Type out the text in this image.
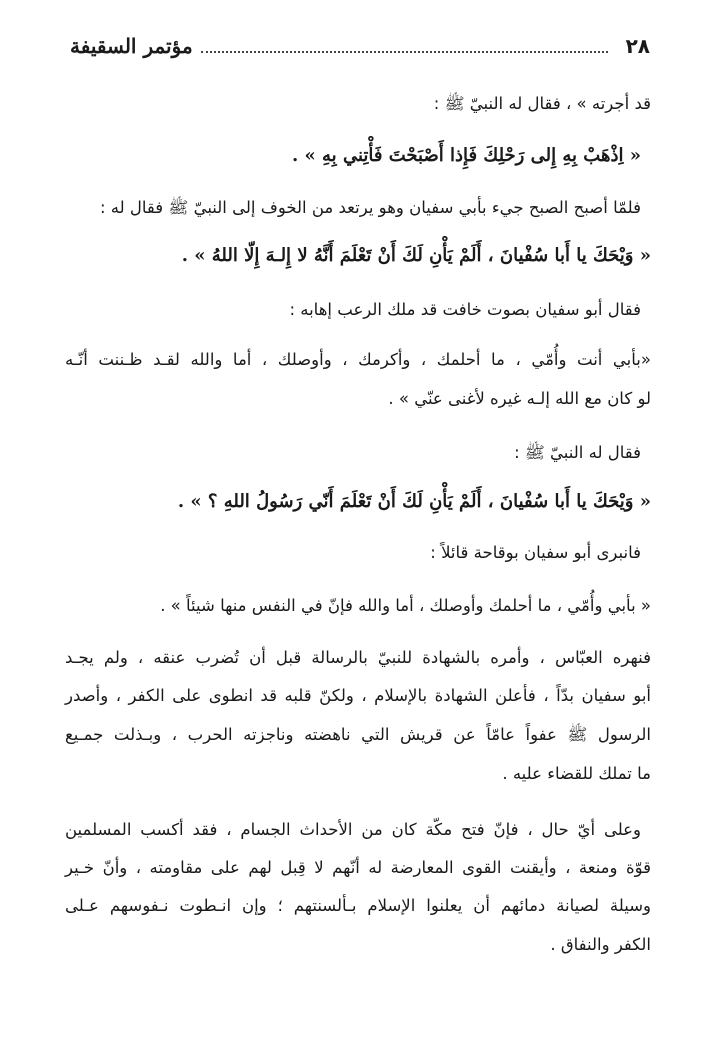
٢٨
مؤتمر السقيفة
قد أجرته » ، فقال له النبيّ ﷺ :
« اِذْهَبْ بِهِ إِلى رَحْلِكَ فَإِذا أَصْبَحْتَ فَأْتِني بِهِ » .
فلمّا أصبح الصبح جيء بأبي سفيان وهو يرتعد من الخوف إلى النبيّ ﷺ فقال له :
« وَيْحَكَ يا أَبا سُفْيانَ ، أَلَمْ يَأْنِ لَكَ أَنْ تَعْلَمَ أَنَّهُ لا إِلـهَ إِلّا اللهُ » .
فقال أبو سفيان بصوت خافت قد ملك الرعب إهابه :
«بأبي أنت وأُمّي ، ما أحلمك ، وأكرمك ، وأوصلك ، أما والله لقـد ظـننت أنّـه
لو كان مع الله إلـه غيره لأغنى عنّي » .
فقال له النبيّ ﷺ :
« وَيْحَكَ يا أَبا سُفْيانَ ، أَلَمْ يَأْنِ لَكَ أَنْ تَعْلَمَ أَنّي رَسُولُ اللهِ ؟ » .
فانبرى أبو سفيان بوقاحة قائلاً :
« بأبي وأُمّي ، ما أحلمك وأوصلك ، أما والله فإنّ في النفس منها شيئاً » .
فنهره العبّاس ، وأمره بالشهادة للنبيّ بالرسالة قبل أن تُضرب عنقه ، ولم يجـد
أبو سفيان بدّاً ، فأعلن الشهادة بالإسلام ، ولكنّ قلبه قد انطوى على الكفر ، وأصدر
الرسول ﷺ عفواً عامّاً عن قريش التي ناهضته وناجزته الحرب ، وبـذلت جمـيع
ما تملك للقضاء عليه .
وعلى أيّ حال ، فإنّ فتح مكّة كان من الأحداث الجسام ، فقد أكسب المسلمين
قوّة ومنعة ، وأيقنت القوى المعارضة له أنّهم لا قِبل لهم على مقاومته ، وأنّ خـير
وسيلة لصيانة دمائهم أن يعلنوا الإسلام بـألسنتهم ؛ وإن انـطوت نـفوسهم عـلى
الكفر والنفاق .
